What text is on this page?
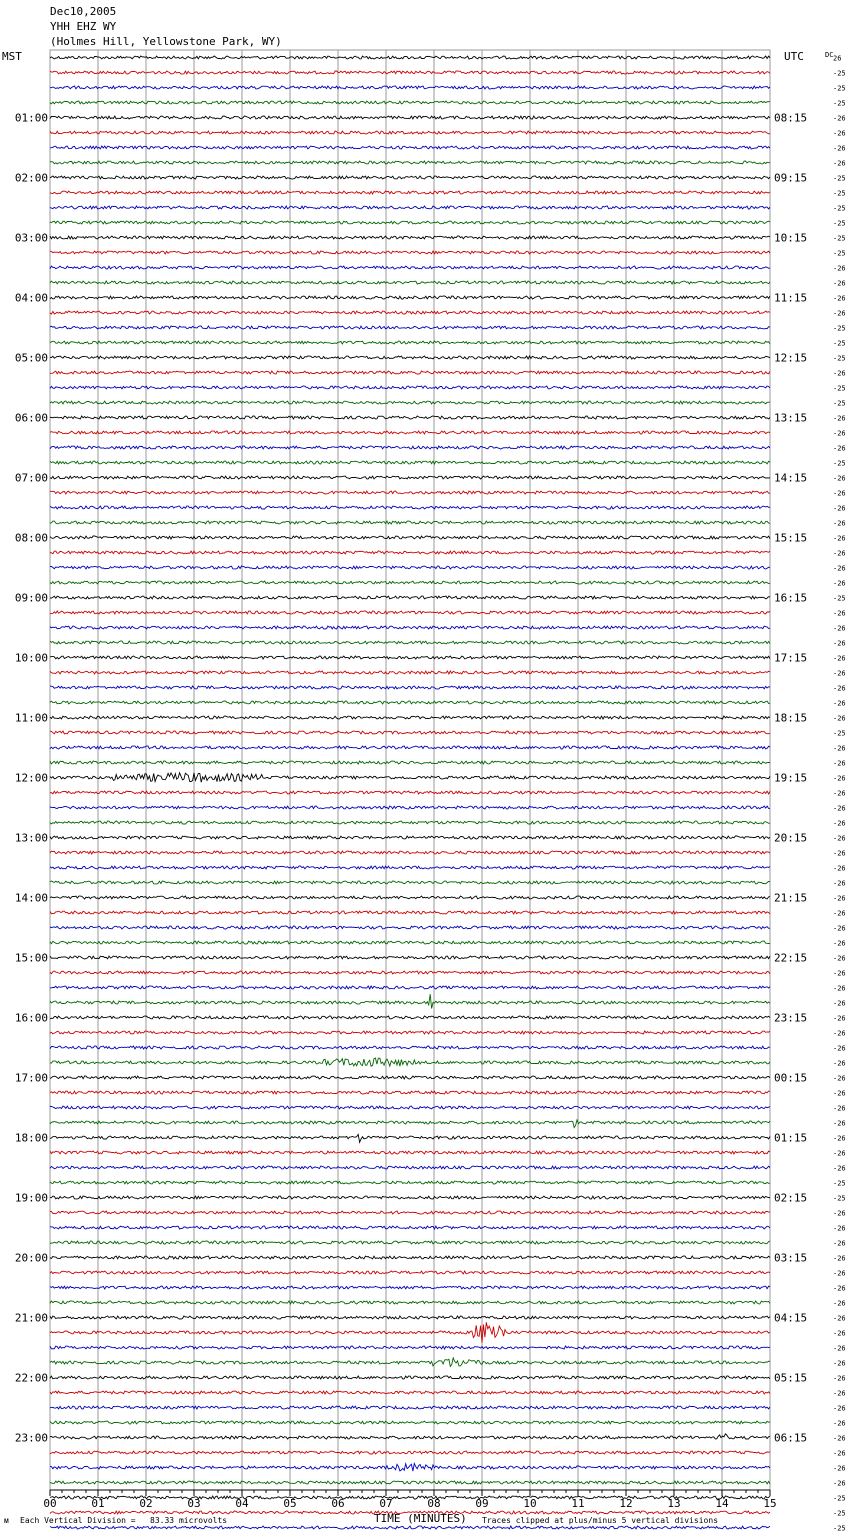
Dec10,2005
YHH EHZ WY
(Holmes Hill, Yellowstone Park, WY)
MST	UTC	26
-25
-25
-25
-26
-26
-26
-26
-25
-25
-25
-25
-25
-25
-26
-26
-26
-26
-25
-25
-25
-26
-25
-25
-26
-26
-26
-25
-26
-26
-26
-26
-26
-26
-26
-26
-25
-26
-26
-26
-26
-26
-26
-26
-26
-25
-26
-26
-26
-26
-26
-26
-26
-26
-26
-26
-26
-26
-26
-26
-26
-26
-26
-26
-26
-26
-26
-26
-26
-26
-26
-26
-26
-26
-26
-25
-25
-26
-26
-26
-26
-26
-26
-26
-26
-26
-26
-26
-26
-26
-26
-26
-26
-26
-26
-26
-25
-25
-25
DC
01:00
02:00
03:00
04:00
05:00
06:00
07:00
08:00
09:00
10:00
11:00
12:00
13:00
14:00
15:00
16:00
17:00
18:00
19:00
20:00
21:00
22:00
23:00
08:15
09:15
10:15
11:15
12:15
13:15
14:15
15:15
16:15
17:15
18:15
19:15
20:15
21:15
22:15
23:15
00:15
01:15
02:15
03:15
04:15
05:15
06:15
00	01	02	03	04	05	06	07	08	09	10	11	12	13	14	15
ᴍ Each Vertical Division =   83.33 microvolts	TIME (MINUTES) Traces clipped at plus/minus 5 vertical divisions
